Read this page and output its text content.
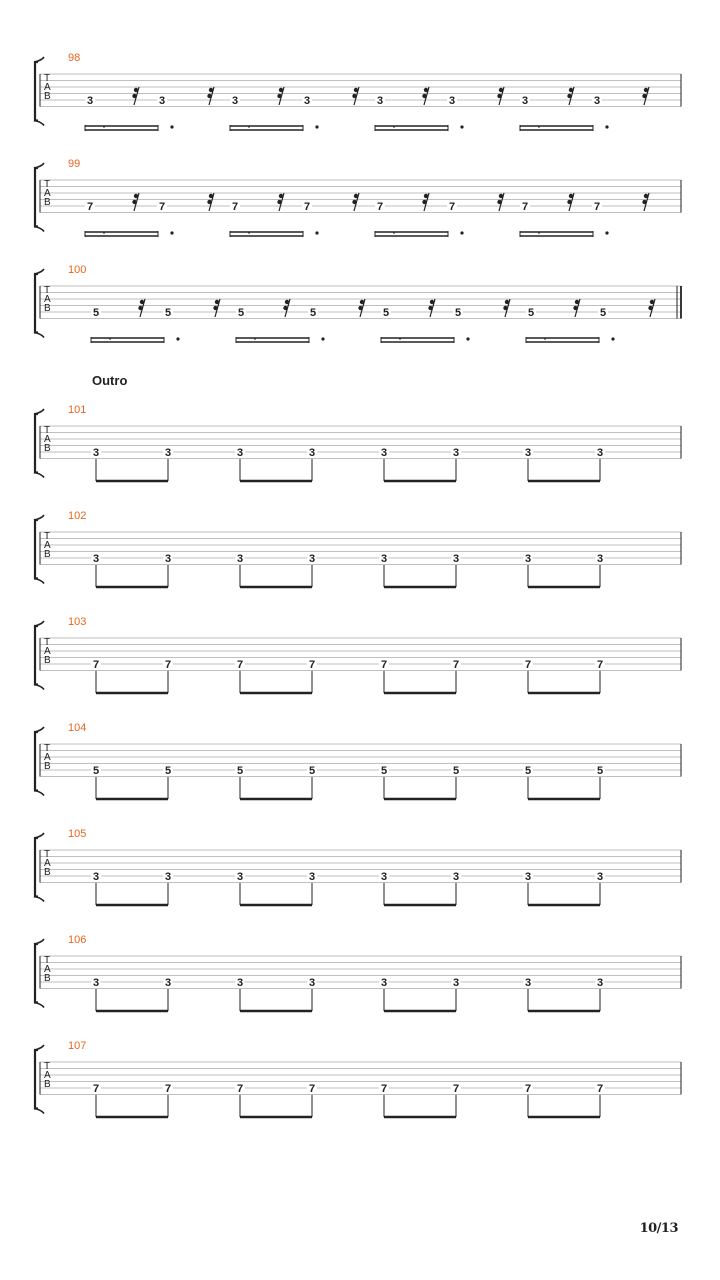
98
T
A
B	3	3	3	3	3	3	3	3
99
T
A
B	7	7	7	7	7	7	7	7
100
T
A
B	5	5	5	5	5	5	5	5
101
T
A
B	3	3	3	3	3	3	3	3
102
T
A
B	3	3	3	3	3	3	3	3
103
T
A
B	7	7	7	7	7	7	7	7
104
T
A
B	5	5	5	5	5	5	5	5
105
T
A
B	3	3	3	3	3	3	3	3
106
T
A
B	3	3	3	3	3	3	3	3
107
T
A
B	7	7	7	7	7	7	7	7
Outro
10/13
